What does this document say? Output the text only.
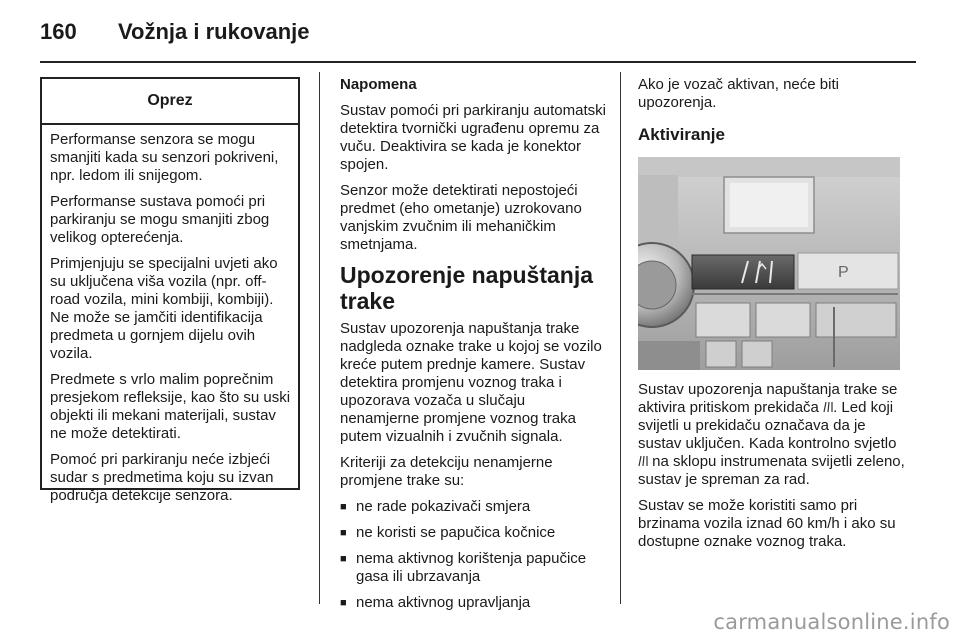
160	Vožnja i rukovanje
Oprez

Performanse senzora se mogu smanjiti kada su senzori pokriveni, npr. ledom ili snijegom.

Performanse sustava pomoći pri parkiranju se mogu smanjiti zbog velikog opterećenja.

Primjenjuju se specijalni uvjeti ako su uključena viša vozila (npr. off-road vozila, mini kombiji, kombiji). Ne može se jamčiti identifikacija predmeta u gornjem dijelu ovih vozila.

Predmete s vrlo malim poprečnim presjekom refleksije, kao što su uski objekti ili mekani materijali, sustav ne može detektirati.

Pomoć pri parkiranju neće izbjeći sudar s predmetima koju su izvan područja detekcije senzora.

Napomena

Sustav pomoći pri parkiranju automatski detektira tvornički ugrađenu opremu za vuču. Deaktivira se kada je konektor spojen.

Senzor može detektirati nepostojeći predmet (eho ometanje) uzrokovano vanjskim zvučnim ili mehaničkim smetnjama.

Upozorenje napuštanja trake

Sustav upozorenja napuštanja trake nadgleda oznake trake u kojoj se vozilo kreće putem prednje kamere. Sustav detektira promjenu voznog traka i upozorava vozača u slučaju nenamjerne promjene voznog traka putem vizualnih i zvučnih signala.

Kriteriji za detekciju nenamjerne promjene trake su:

■ ne rade pokazivači smjera
■ ne koristi se papučica kočnice
■ nema aktivnog korištenja papučice gasa ili ubrzavanja
■ nema aktivnog upravljanja

Ako je vozač aktivan, neće biti upozorenja.

Aktiviranje
P

Sustav upozorenja napuštanja trake se aktivira pritiskom prekidača . Led koji svijetli u prekidaču označava da je sustav uključen. Kada kontrolno svjetlo  na sklopu instrumenata svijetli zeleno, sustav je spreman za rad.

Sustav se može koristiti samo pri brzinama vozila iznad 60 km/h i ako su dostupne oznake voznog traka.

carmanualsonline.info
